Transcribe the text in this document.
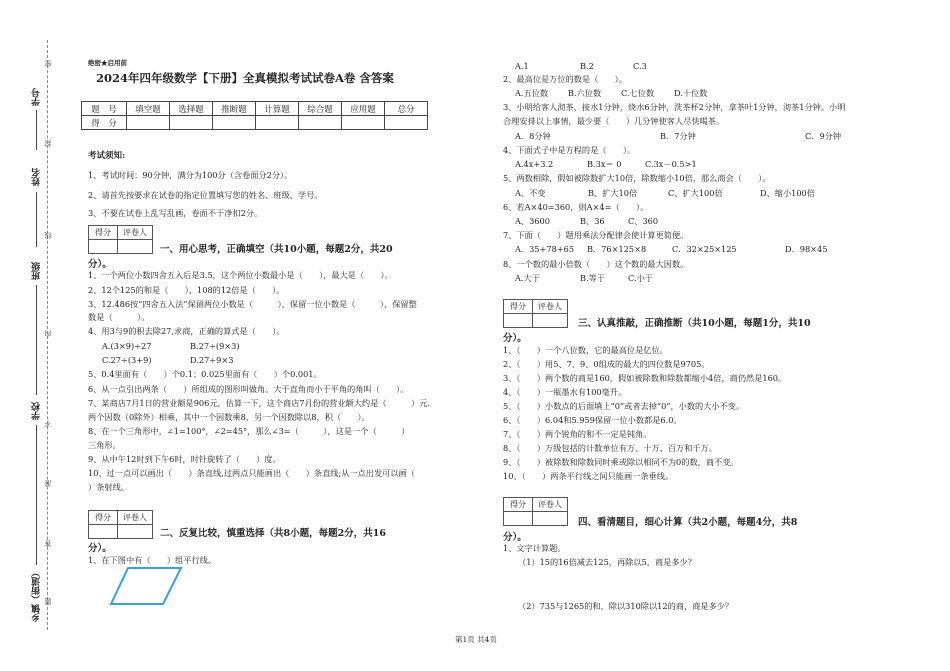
学号
姓名
班级
学校
乡镇（街道）
密
封
线
内
不
准
答
题
绝密★启用前
2024年四年级数学【下册】全真模拟考试试卷A卷 含答案
题　号	填空题	选择题	推断题	计算题	综合题	应用题	总分
得　分							
考试须知:
1、考试时间：90分钟，满分为100分（含卷面分2分）。
2、请首先按要求在试卷的指定位置填写您的姓名、班级、学号。
3、不要在试卷上乱写乱画，卷面不干净扣2分。
得分	评卷人

一、用心思考，正确填空（共10小题，每题2分，共20
分）。
1、一个两位小数四舍五入后是3.5，这个两位小数最小是（　　），最大是（　　）。
2、12个125的和是（　　），108的12倍是（　　）。
3、12.486按“四舍五入法”保留两位小数是（　　　），保留一位小数是（　　　），保留整
数是（　　　）。
4、用3与9的积去除27,求商，正确的算式是（　　）。
A.(3×9)÷27	B.27÷(9×3)
C.27÷(3+9)	D.27÷9×3
5、0.4里面有（　　）个0.1；0.025里面有（　　）个0.001。
6、从一点引出两条（　　）所组成的图形叫做角。大于直角而小于平角的角叫（　　）。
7、某商店7月1日的营业额是906元，估算一下，这个商店7月份的营业额大约是（　　　）元.
两个因数（0除外）相乘，其中一个因数乘8，另一个因数除以8，积（　　）。
8、在一个三角形中，∠1=100°，∠2=45°，那么∠3=（　　　），这是一个（　　　）
三角形。
9、从中午12时到下午6时，时针旋转了（　　）度。
10、过一点可以画出（　　）条直线,过两点只能画出（　　）条直线;从一点出发可以画（
）条射线。
得分	评卷人

二、反复比较，慎重选择（共8小题，每题2分，共16
分）。
1、在下图中有（　　）组平行线。
A.1	B.2	C.3
2、最高位是万位的数是（　　）。
A.五位数 B.六位数 C.七位数 D.十位数
3、小明给客人沏茶，接水1分钟，烧水6分钟，洗茶杯2分钟，拿茶叶1分钟，沏茶1分钟。小明
合理安排以上事情，最少要（　　）几分钟使客人尽快喝茶。
A．8分钟	B．7分钟	C．9分钟
4、下面式子中是方程的是（　　）。
A.4x+3.2	B.3x＝ 0	C.3x－0.5>1
5、两数相除，假如被除数扩大10倍，除数缩小10倍，那么商会（　　）。
A、不变	B、扩大10倍	C、扩大100倍	D、缩小100倍
6、若A×40=360，则A×4=（　　）。
A、3600	B、36	C、360
7、下面（　　）题用乘法分配律会使计算更简便。
A．35+78+65 B．76×125×8	C．32×25×125	D．98×45
8、一个数的最小倍数（　　）这个数的最大因数。
A.大于	B.等于	C.小于
得分	评卷人

三、认真推敲，正确推断（共10小题，每题1分，共10
分）。
1、（　　）一个八位数，它的最高位是亿位。
2、（　　）用5、7、9、0组成的最大的四位数是9705。
3、（　　）两个数的商是160，假如被除数和除数都缩小4倍，商仍然是160。
4、（　　）一瓶墨水有100毫升。
5、（　　）小数点的后面填上“0”或者去掉“0”，小数的大小不变。
6、（　　）6.04和5.959保留一位小数都是6.0。
7、（　　）两个锐角的和不一定是钝角。
8、（　　）万级包括的计数单位有万、十万、百万和千万。
9、（　　）被除数和除数同时乘或除以相同不为0的数，商不变。
10、（　　）两条平行线之间只能画一条垂线。
得分	评卷人

四、看清题目，细心计算（共2小题，每题4分，共8
分）。
1、文字计算题。
（1）15的16倍减去125，再除以5，商是多少？
（2）735与1265的和，除以310除以12的商，商是多少？
第1页 共4页
